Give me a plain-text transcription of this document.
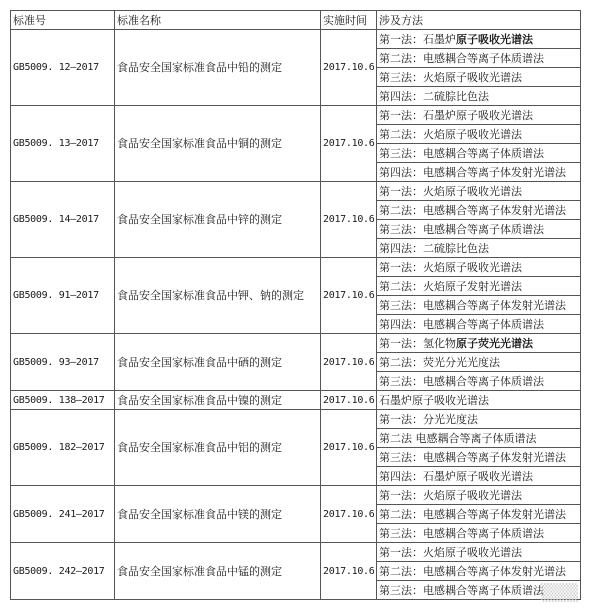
标准号	标准名称	实施时间	涉及方法
GB5009. 12—2017	食品安全国家标准食品中铅的测定	2017.10.6	第一法：石墨炉原子吸收光谱法
			第二法：电感耦合等离子体质谱法
			第三法：火焰原子吸收光谱法
			第四法：二硫腙比色法
GB5009. 13—2017	食品安全国家标准食品中铜的测定	2017.10.6	第一法：石墨炉原子吸收光谱法
			第二法：火焰原子吸收光谱法
			第三法：电感耦合等离子体质谱法
			第四法：电感耦合等离子体发射光谱法
GB5009. 14—2017	食品安全国家标准食品中锌的测定	2017.10.6	第一法：火焰原子吸收光谱法
			第二法：电感耦合等离子体发射光谱法
			第三法：电感耦合等离子体质谱法
			第四法：二硫腙比色法
GB5009. 91—2017	食品安全国家标准食品中钾、钠的测定	2017.10.6	第一法：火焰原子吸收光谱法
			第二法：火焰原子发射光谱法
			第三法：电感耦合等离子体发射光谱法
			第四法：电感耦合等离子体质谱法
GB5009. 93—2017	食品安全国家标准食品中硒的测定	2017.10.6	第一法：氢化物原子荧光光谱法
			第二法：荧光分光光度法
			第三法：电感耦合等离子体质谱法
GB5009. 138—2017	食品安全国家标准食品中镍的测定	2017.10.6	石墨炉原子吸收光谱法
GB5009. 182—2017	食品安全国家标准食品中铝的测定	2017.10.6	第一法：分光光度法
			第二法 电感耦合等离子体质谱法
			第三法：电感耦合等离子体发射光谱法
			第四法：石墨炉原子吸收光谱法
GB5009. 241—2017	食品安全国家标准食品中镁的测定	2017.10.6	第一法：火焰原子吸收光谱法
			第二法：电感耦合等离子体发射光谱法
			第三法：电感耦合等离子体质谱法
GB5009. 242—2017	食品安全国家标准食品中锰的测定	2017.10.6	第一法：火焰原子吸收光谱法
			第二法：电感耦合等离子体发射光谱法
			第三法：电感耦合等离子体质谱法
▒▒▒
